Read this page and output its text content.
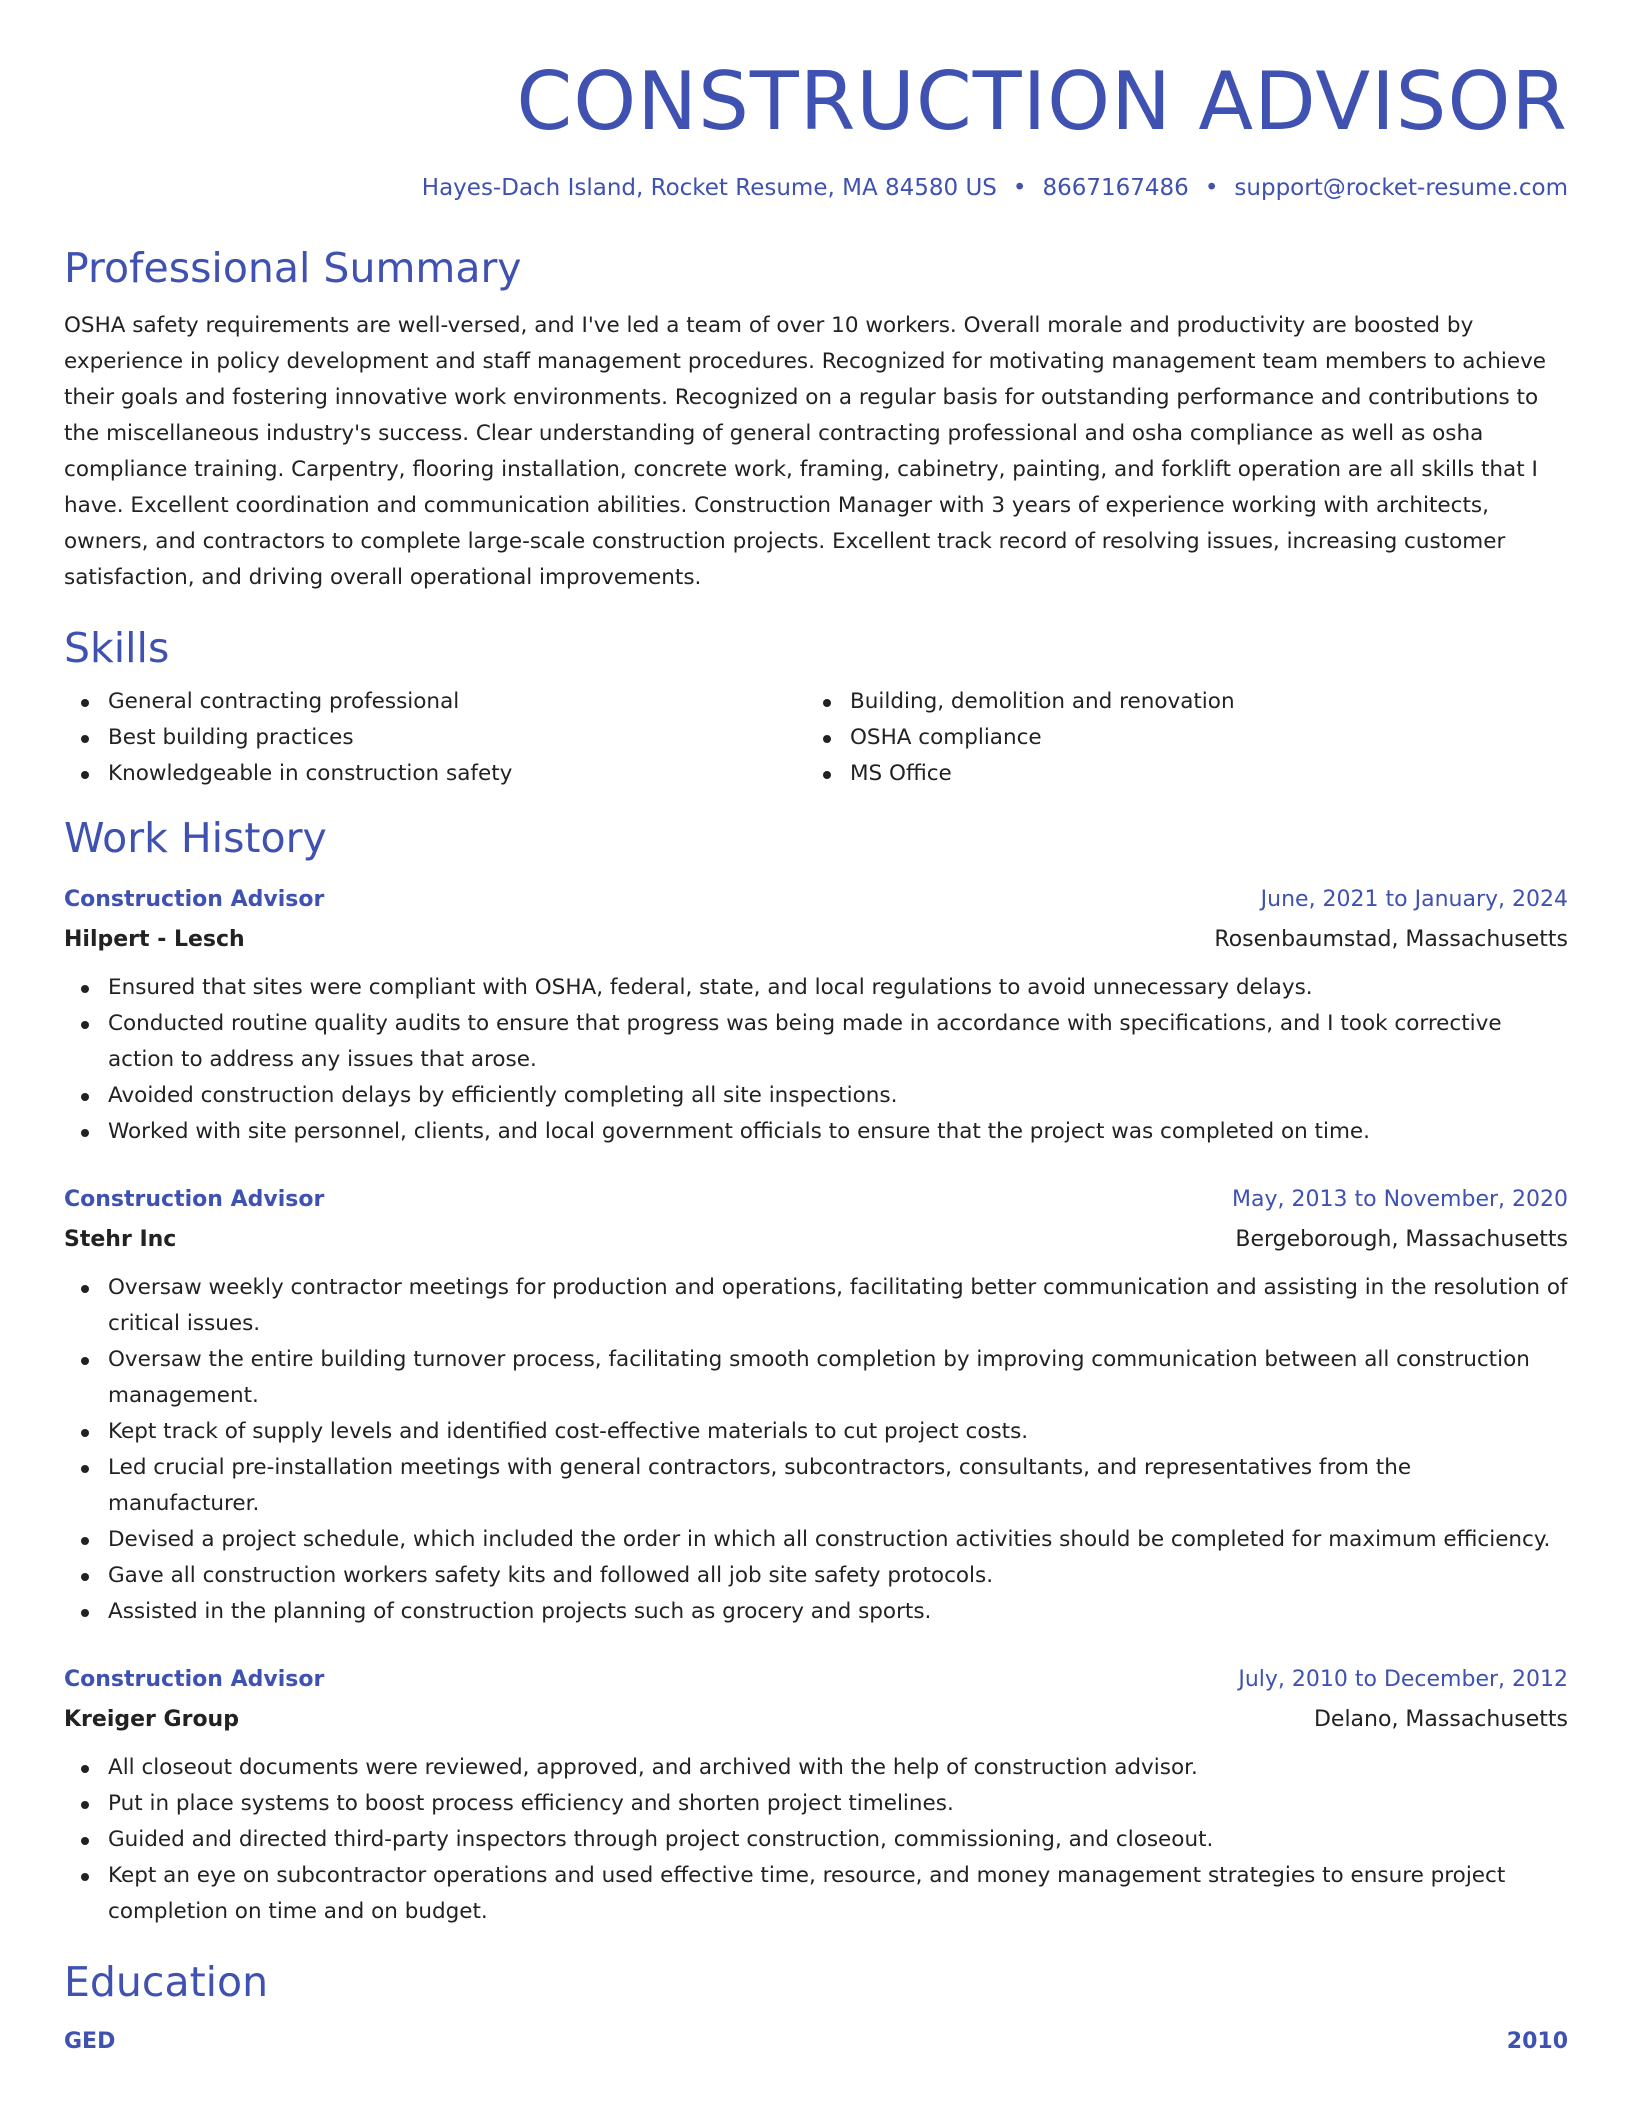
CONSTRUCTION ADVISOR
Hayes-Dach Island, Rocket Resume, MA 84580 US • 8667167486 • support@rocket-resume.com
Professional Summary

OSHA safety requirements are well-versed, and I've led a team of over 10 workers. Overall morale and productivity are boosted by experience in policy development and staff management procedures. Recognized for motivating management team members to achieve their goals and fostering innovative work environments. Recognized on a regular basis for outstanding performance and contributions to the miscellaneous industry's success. Clear understanding of general contracting professional and osha compliance as well as osha compliance training. Carpentry, flooring installation, concrete work, framing, cabinetry, painting, and forklift operation are all skills that I have. Excellent coordination and communication abilities. Construction Manager with 3 years of experience working with architects, owners, and contractors to complete large-scale construction projects. Excellent track record of resolving issues, increasing customer satisfaction, and driving overall operational improvements.

Skills
General contracting professional
Best building practices
Knowledgeable in construction safety
Building, demolition and renovation
OSHA compliance
MS Office
Work History
Construction Advisor	June, 2021 to January, 2024
Hilpert - Lesch	Rosenbaumstad, Massachusetts
Ensured that sites were compliant with OSHA, federal, state, and local regulations to avoid unnecessary delays.
Conducted routine quality audits to ensure that progress was being made in accordance with specifications, and I took corrective action to address any issues that arose.
Avoided construction delays by efficiently completing all site inspections.
Worked with site personnel, clients, and local government officials to ensure that the project was completed on time.
Construction Advisor	May, 2013 to November, 2020
Stehr Inc	Bergeborough, Massachusetts
Oversaw weekly contractor meetings for production and operations, facilitating better communication and assisting in the resolution of critical issues.
Oversaw the entire building turnover process, facilitating smooth completion by improving communication between all construction management.
Kept track of supply levels and identified cost-effective materials to cut project costs.
Led crucial pre-installation meetings with general contractors, subcontractors, consultants, and representatives from the manufacturer.
Devised a project schedule, which included the order in which all construction activities should be completed for maximum efficiency.
Gave all construction workers safety kits and followed all job site safety protocols.
Assisted in the planning of construction projects such as grocery and sports.
Construction Advisor	July, 2010 to December, 2012
Kreiger Group	Delano, Massachusetts
All closeout documents were reviewed, approved, and archived with the help of construction advisor.
Put in place systems to boost process efficiency and shorten project timelines.
Guided and directed third-party inspectors through project construction, commissioning, and closeout.
Kept an eye on subcontractor operations and used effective time, resource, and money management strategies to ensure project completion on time and on budget.
Education
GED	2010
